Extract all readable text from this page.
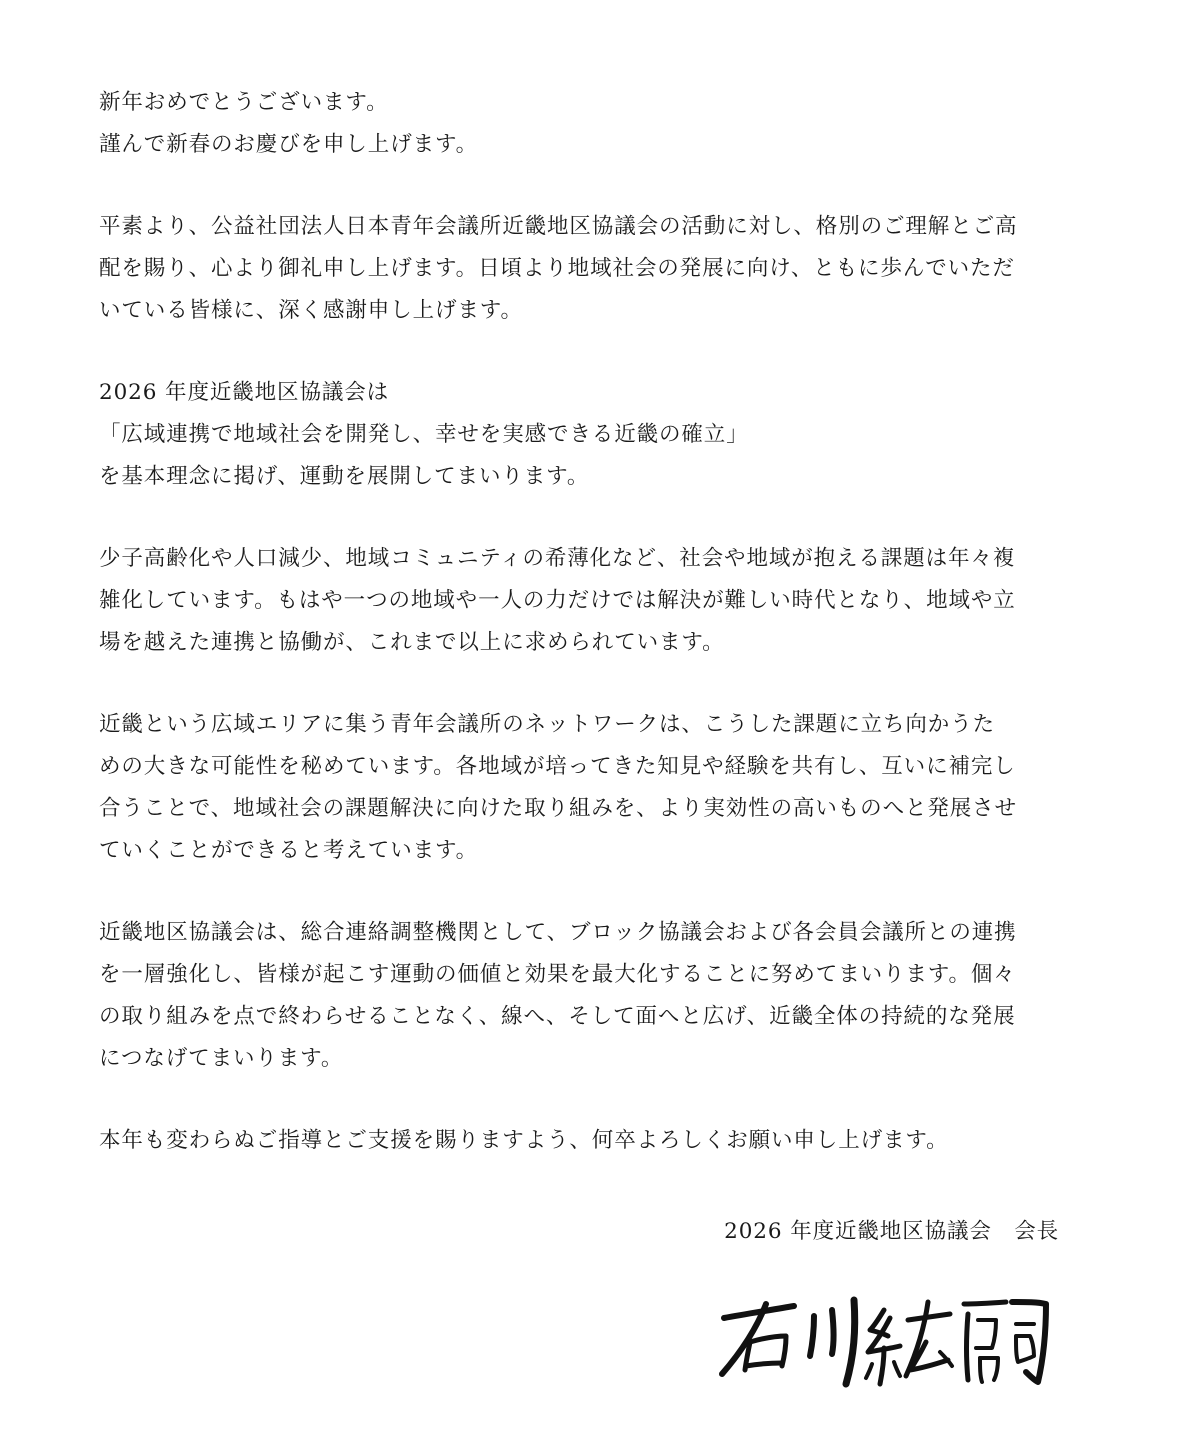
新年おめでとうございます。
謹んで新春のお慶びを申し上げます。

平素より、公益社団法人日本青年会議所近畿地区協議会の活動に対し、格別のご理解とご高
配を賜り、心より御礼申し上げます。日頃より地域社会の発展に向け、ともに歩んでいただ
いている皆様に、深く感謝申し上げます。

2026 年度近畿地区協議会は
「広域連携で地域社会を開発し、幸せを実感できる近畿の確立」
を基本理念に掲げ、運動を展開してまいります。

少子高齢化や人口減少、地域コミュニティの希薄化など、社会や地域が抱える課題は年々複
雑化しています。もはや一つの地域や一人の力だけでは解決が難しい時代となり、地域や立
場を越えた連携と協働が、これまで以上に求められています。

近畿という広域エリアに集う青年会議所のネットワークは、こうした課題に立ち向かうた
めの大きな可能性を秘めています。各地域が培ってきた知見や経験を共有し、互いに補完し
合うことで、地域社会の課題解決に向けた取り組みを、より実効性の高いものへと発展させ
ていくことができると考えています。

近畿地区協議会は、総合連絡調整機関として、ブロック協議会および各会員会議所との連携
を一層強化し、皆様が起こす運動の価値と効果を最大化することに努めてまいります。個々
の取り組みを点で終わらせることなく、線へ、そして面へと広げ、近畿全体の持続的な発展
につなげてまいります。

本年も変わらぬご指導とご支援を賜りますよう、何卒よろしくお願い申し上げます。

2026 年度近畿地区協議会　会長
